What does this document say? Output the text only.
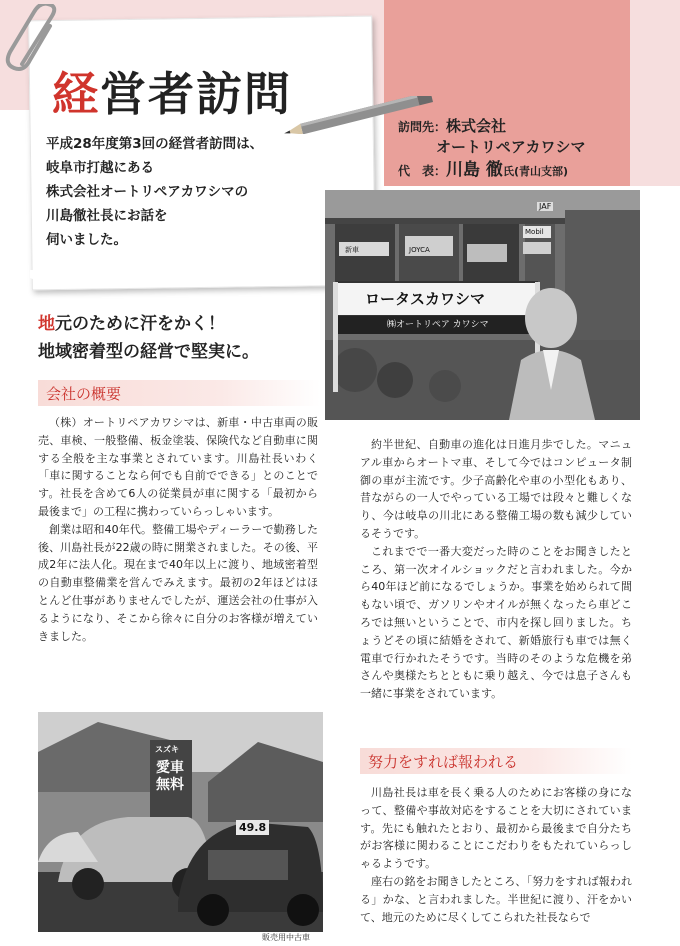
経営者訪問
平成28年度第3回の経営者訪問は、
岐阜市打越にある
株式会社オートリペアカワシマの
川島徹社長にお話を
伺いました。
訪問先：株式会社
オートリペアカワシマ
代　表：川島 徹氏(青山支部)
ロータスカワシマ
㈱オートリペア カワシマ
JAF
Mobil
JOYCA
新車
地元のために汗をかく！
地域密着型の経営で堅実に。
会社の概要

（株）オートリペアカワシマは、新車・中古車両の販売、車検、一般整備、板金塗装、保険代など自動車に関する全般を主な事業とされています。川島社長いわく「車に関することなら何でも自前でできる」とのことです。社長を含めて6人の従業員が車に関する「最初から最後まで」の工程に携わっていらっしゃいます。

創業は昭和40年代。整備工場やディーラーで勤務した後、川島社長が22歳の時に開業されました。その後、平成2年に法人化。現在まで40年以上に渡り、地域密着型の自動車整備業を営んでみえます。最初の2年ほどはほとんど仕事がありませんでしたが、運送会社の仕事が入るようになり、そこから徐々に自分のお客様が増えていきました。

約半世紀、自動車の進化は日進月歩でした。マニュアル車からオートマ車、そして今ではコンピュータ制御の車が主流です。少子高齢化や車の小型化もあり、昔ながらの一人でやっている工場では段々と難しくなり、今は岐阜の川北にある整備工場の数も減少しているそうです。

これまでで一番大変だった時のことをお聞きしたところ、第一次オイルショックだと言われました。今から40年ほど前になるでしょうか。事業を始められて間もない頃で、ガソリンやオイルが無くなったら車どころでは無いということで、市内を探し回りました。ちょうどその頃に結婚をされて、新婚旅行も車では無く電車で行かれたそうです。当時のそのような危機を弟さんや奥様たちとともに乗り越え、今では息子さんも一緒に事業をされています。

努力をすれば報われる

川島社長は車を長く乗る人のためにお客様の身になって、整備や事故対応をすることを大切にされています。先にも触れたとおり、最初から最後まで自分たちがお客様に関わることにこだわりをもたれていらっしゃるようです。

座右の銘をお聞きしたところ、「努力をすれば報われる」かな、と言われました。半世紀に渡り、汗をかいて、地元のために尽くしてこられた社長ならで

スズキ
愛車無料
49.8
販売用中古車
